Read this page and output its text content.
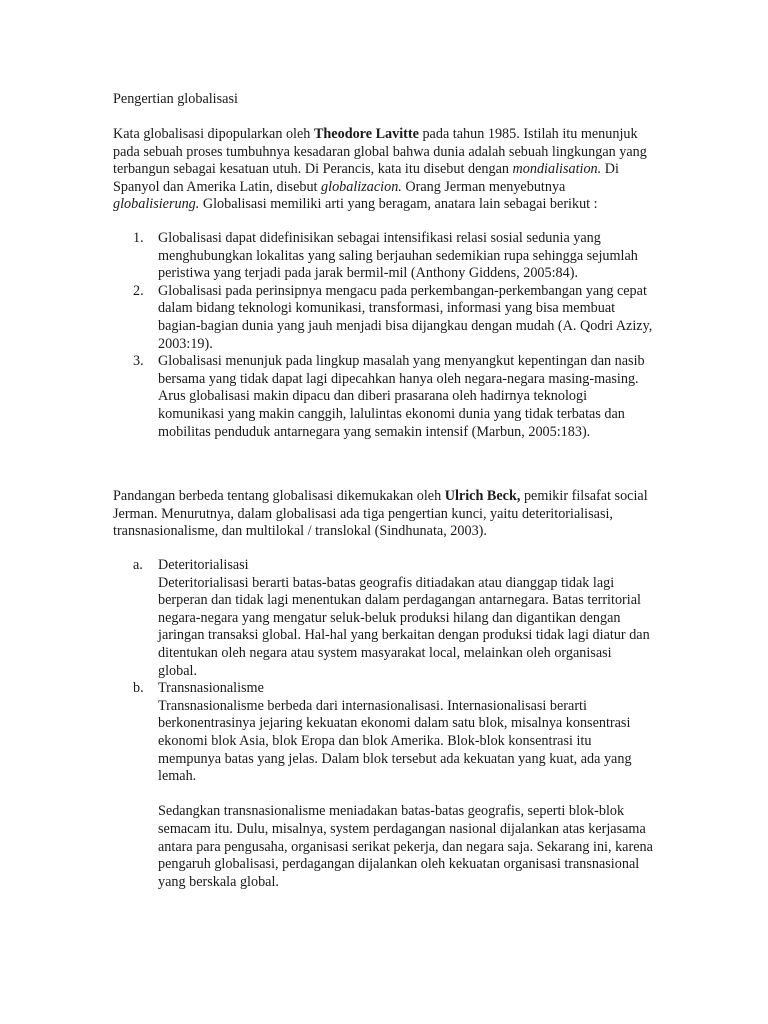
Pengertian globalisasi

Kata globalisasi dipopularkan oleh Theodore Lavitte pada tahun 1985. Istilah itu menunjuk pada sebuah proses tumbuhnya kesadaran global bahwa dunia adalah sebuah lingkungan yang terbangun sebagai kesatuan utuh. Di Perancis, kata itu disebut dengan mondialisation. Di Spanyol dan Amerika Latin, disebut globalizacion. Orang Jerman menyebutnya globalisierung. Globalisasi memiliki arti yang beragam, anatara lain sebagai berikut :

1. Globalisasi dapat didefinisikan sebagai intensifikasi relasi sosial sedunia yang menghubungkan lokalitas yang saling berjauhan sedemikian rupa sehingga sejumlah peristiwa yang terjadi pada jarak bermil-mil (Anthony Giddens, 2005:84).
2. Globalisasi pada perinsipnya mengacu pada perkembangan-perkembangan yang cepat dalam bidang teknologi komunikasi, transformasi, informasi yang bisa membuat bagian-bagian dunia yang jauh menjadi bisa dijangkau dengan mudah (A. Qodri Azizy, 2003:19).
3. Globalisasi menunjuk pada lingkup masalah yang menyangkut kepentingan dan nasib bersama yang tidak dapat lagi dipecahkan hanya oleh negara-negara masing-masing. Arus globalisasi makin dipacu dan diberi prasarana oleh hadirnya teknologi komunikasi yang makin canggih, lalulintas ekonomi dunia yang tidak terbatas dan mobilitas penduduk antarnegara yang semakin intensif (Marbun, 2005:183).

Pandangan berbeda tentang globalisasi dikemukakan oleh Ulrich Beck, pemikir filsafat social Jerman. Menurutnya, dalam globalisasi ada tiga pengertian kunci, yaitu deteritorialisasi, transnasionalisme, dan multilokal / translokal (Sindhunata, 2003).

a. Deteritorialisasi
Deteritorialisasi berarti batas-batas geografis ditiadakan atau dianggap tidak lagi berperan dan tidak lagi menentukan dalam perdagangan antarnegara. Batas territorial negara-negara yang mengatur seluk-beluk produksi hilang dan digantikan dengan jaringan transaksi global. Hal-hal yang berkaitan dengan produksi tidak lagi diatur dan ditentukan oleh negara atau system masyarakat local, melainkan oleh organisasi global.
b. Transnasionalisme
Transnasionalisme berbeda dari internasionalisasi. Internasionalisasi berarti berkonentrasinya jejaring kekuatan ekonomi dalam satu blok, misalnya konsentrasi ekonomi blok Asia, blok Eropa dan blok Amerika. Blok-blok konsentrasi itu mempunya batas yang jelas. Dalam blok tersebut ada kekuatan yang kuat, ada yang lemah.
Sedangkan transnasionalisme meniadakan batas-batas geografis, seperti blok-blok semacam itu. Dulu, misalnya, system perdagangan nasional dijalankan atas kerjasama antara para pengusaha, organisasi serikat pekerja, dan negara saja. Sekarang ini, karena pengaruh globalisasi, perdagangan dijalankan oleh kekuatan organisasi transnasional yang berskala global.
